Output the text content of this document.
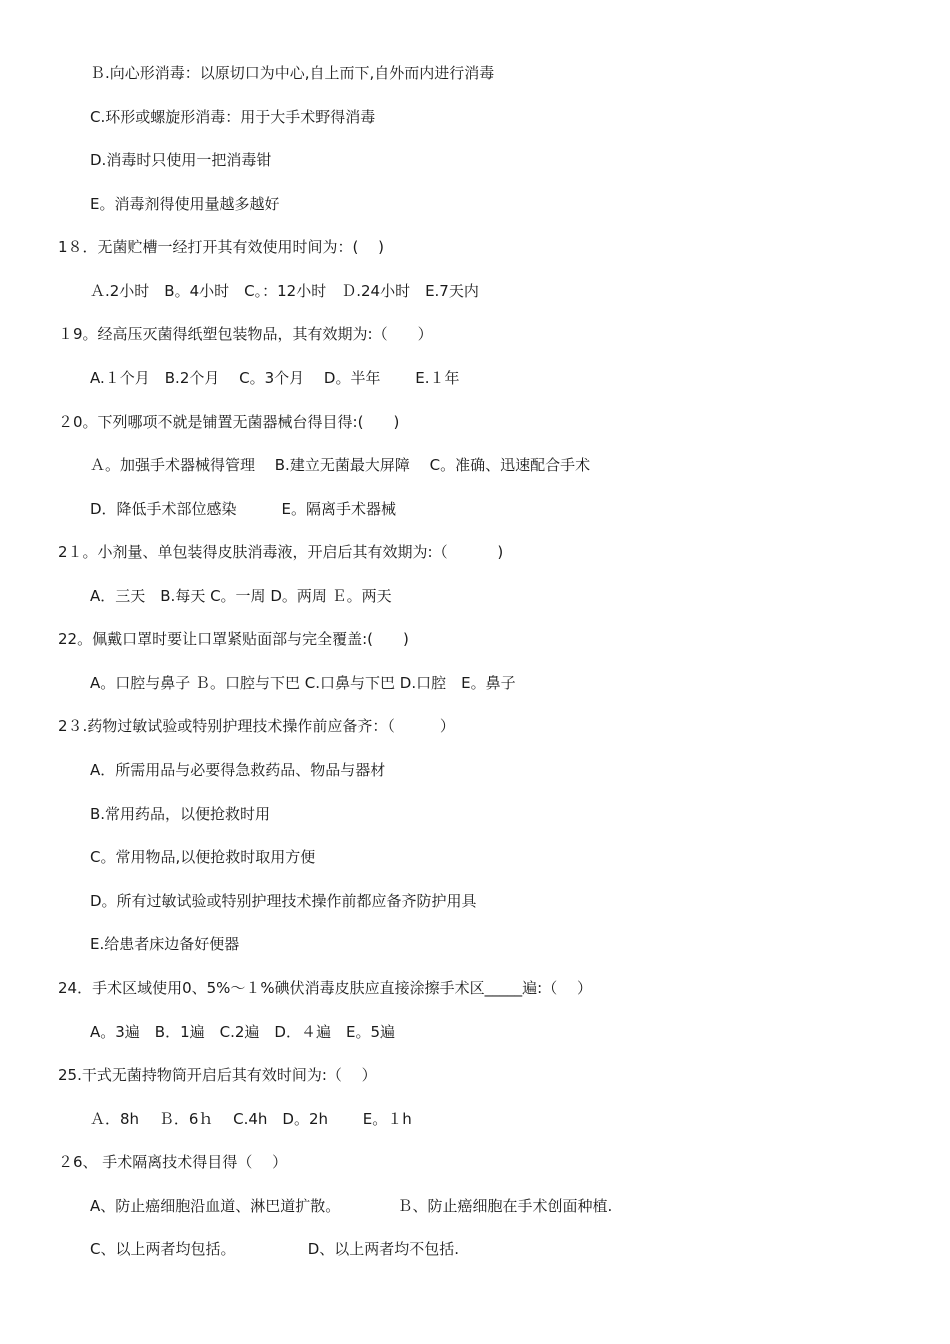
Ｂ.向心形消毒：以原切口为中心,自上而下,自外而内进行消毒
C.环形或螺旋形消毒：用于大手术野得消毒
D.消毒时只使用一把消毒钳
E。消毒剂得使用量越多越好
1８．无菌贮槽一经打开其有效使用时间为：(　 )
Ａ.2小时　B。4小时　C。：12小时　Ｄ.24小时　E.7天内
１9。经高压灭菌得纸塑包装物品，其有效期为:（　　）
A.１个月　B.2个月　 C。3个月　 D。半年 　　E.１年
２0。下列哪项不就是铺置无菌器械台得目得:(　　)
Ａ。加强手术器械得管理　 B.建立无菌最大屏障　 C。准确、迅速配合手术
D．降低手术部位感染　　　E。隔离手术器械
2１。小剂量、单包装得皮肤消毒液，开启后其有效期为:（　 　　)
A．三天　B.每天 C。一周 D。两周 Ｅ。两天
22。佩戴口罩时要让口罩紧贴面部与完全覆盖:(　　)
A。口腔与鼻子 Ｂ。口腔与下巴 C.口鼻与下巴 D.口腔　E。鼻子
2３.药物过敏试验或特别护理技术操作前应备齐：（　　　）
A．所需用品与必要得急救药品、物品与器材
B.常用药品，以便抢救时用
C。常用物品,以便抢救时取用方便
D。所有过敏试验或特别护理技术操作前都应备齐防护用具
E.给患者床边备好便器
24．手术区域使用0、5%～１%碘伏消毒皮肤应直接涂擦手术区_____遍:（　 ）
A。3遍　B．1遍　C.2遍　D．４遍　E。5遍
25.干式无菌持物筒开启后其有效时间为:（　 ）
Ａ．8h　 Ｂ．6ｈ　 C.4h　D。2h　　 E。１h
２6、 手术隔离技术得目得（　 ）
A、防止癌细胞沿血道、淋巴道扩散。　　　　 Ｂ、防止癌细胞在手术创面种植.
C、以上两者均包括。　　　　　 D、以上两者均不包括.
